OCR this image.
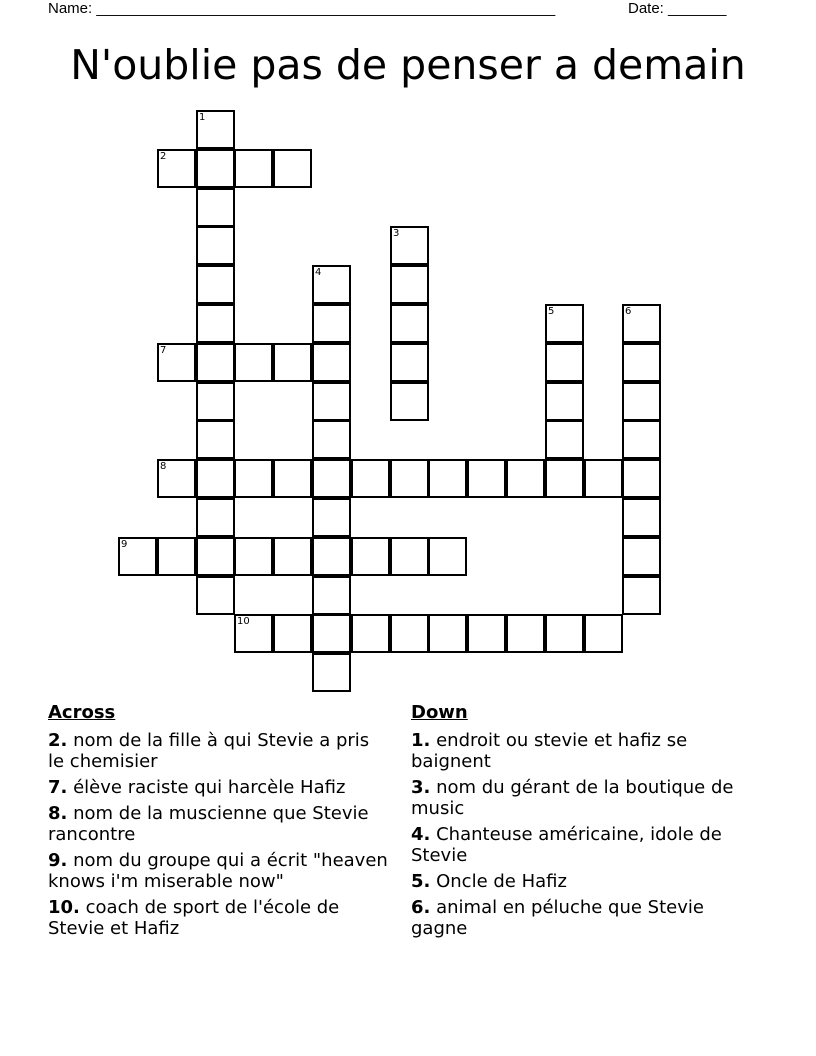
Name: _______________________________________________________	Date: _______
N'oublie pas de penser a demain
1
2
3
4
5	6
7
8
9
10
Across
2. nom de la fille à qui Stevie a pris le chemisier
7. élève raciste qui harcèle Hafiz
8. nom de la muscienne que Stevie rancontre
9. nom du groupe qui a écrit "heaven knows i'm miserable now"
10. coach de sport de l'école de Stevie et Hafiz
Down
1. endroit ou stevie et hafiz se baignent
3. nom du gérant de la boutique de music
4. Chanteuse américaine, idole de Stevie
5. Oncle de Hafiz
6. animal en péluche que Stevie gagne
